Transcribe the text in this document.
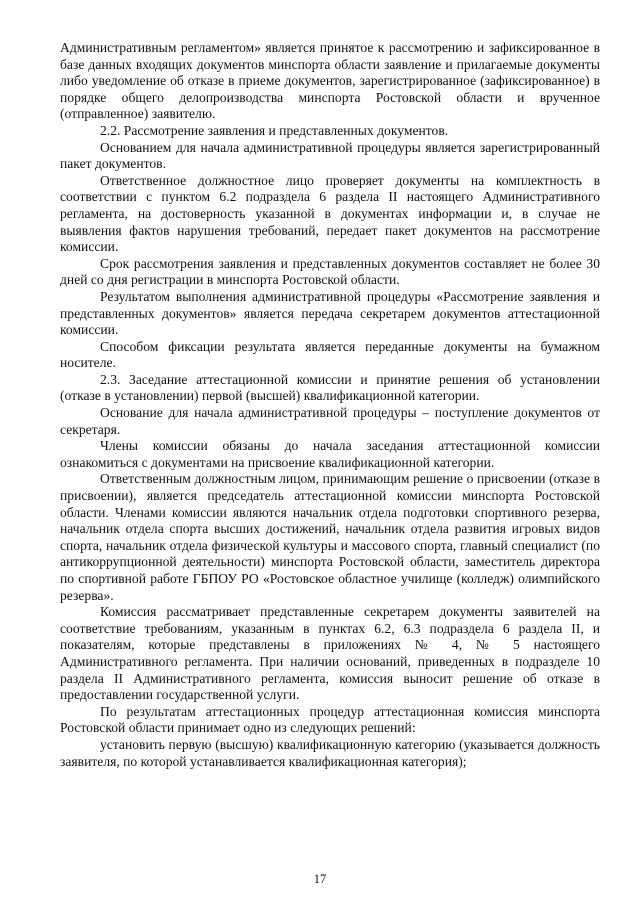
Административным регламентом» является принятое к рассмотрению и зафиксированное в базе данных входящих документов минспорта области заявление и прилагаемые документы либо уведомление об отказе в приеме документов, зарегистрированное (зафиксированное) в порядке общего делопроизводства минспорта Ростовской области и врученное (отправленное) заявителю.

2.2. Рассмотрение заявления и представленных документов.

Основанием для начала административной процедуры является зарегистрированный пакет документов.

Ответственное должностное лицо проверяет документы на комплектность в соответствии с пунктом 6.2 подраздела 6 раздела II настоящего Административного регламента, на достоверность указанной в документах информации и, в случае не выявления фактов нарушения требований, передает пакет документов на рассмотрение комиссии.

Срок рассмотрения заявления и представленных документов составляет не более 30 дней со дня регистрации в минспорта Ростовской области.

Результатом выполнения административной процедуры «Рассмотрение заявления и представленных документов» является передача секретарем документов аттестационной комиссии.

Способом фиксации результата является переданные документы на бумажном носителе.

2.3. Заседание аттестационной комиссии и принятие решения об установлении (отказе в установлении) первой (высшей) квалификационной категории.

Основание для начала административной процедуры – поступление документов от секретаря.

Члены комиссии обязаны до начала заседания аттестационной комиссии ознакомиться с документами на присвоение квалификационной категории.

Ответственным должностным лицом, принимающим решение о присвоении (отказе в присвоении), является председатель аттестационной комиссии минспорта Ростовской области. Членами комиссии являются начальник отдела подготовки спортивного резерва, начальник отдела спорта высших достижений, начальник отдела развития игровых видов спорта, начальник отдела физической культуры и массового спорта, главный специалист (по антикоррупционной деятельности) минспорта Ростовской области, заместитель директора по спортивной работе ГБПОУ РО «Ростовское областное училище (колледж) олимпийского резерва».

Комиссия рассматривает представленные секретарем документы заявителей на соответствие требованиям, указанным в пунктах 6.2, 6.3 подраздела 6 раздела II, и показателям, которые представлены в приложениях № 4, № 5 настоящего Административного регламента. При наличии оснований, приведенных в подразделе 10 раздела II Административного регламента, комиссия выносит решение об отказе в предоставлении государственной услуги.

По результатам аттестационных процедур аттестационная комиссия минспорта Ростовской области принимает одно из следующих решений:

установить первую (высшую) квалификационную категорию (указывается должность заявителя, по которой устанавливается квалификационная категория);

17
